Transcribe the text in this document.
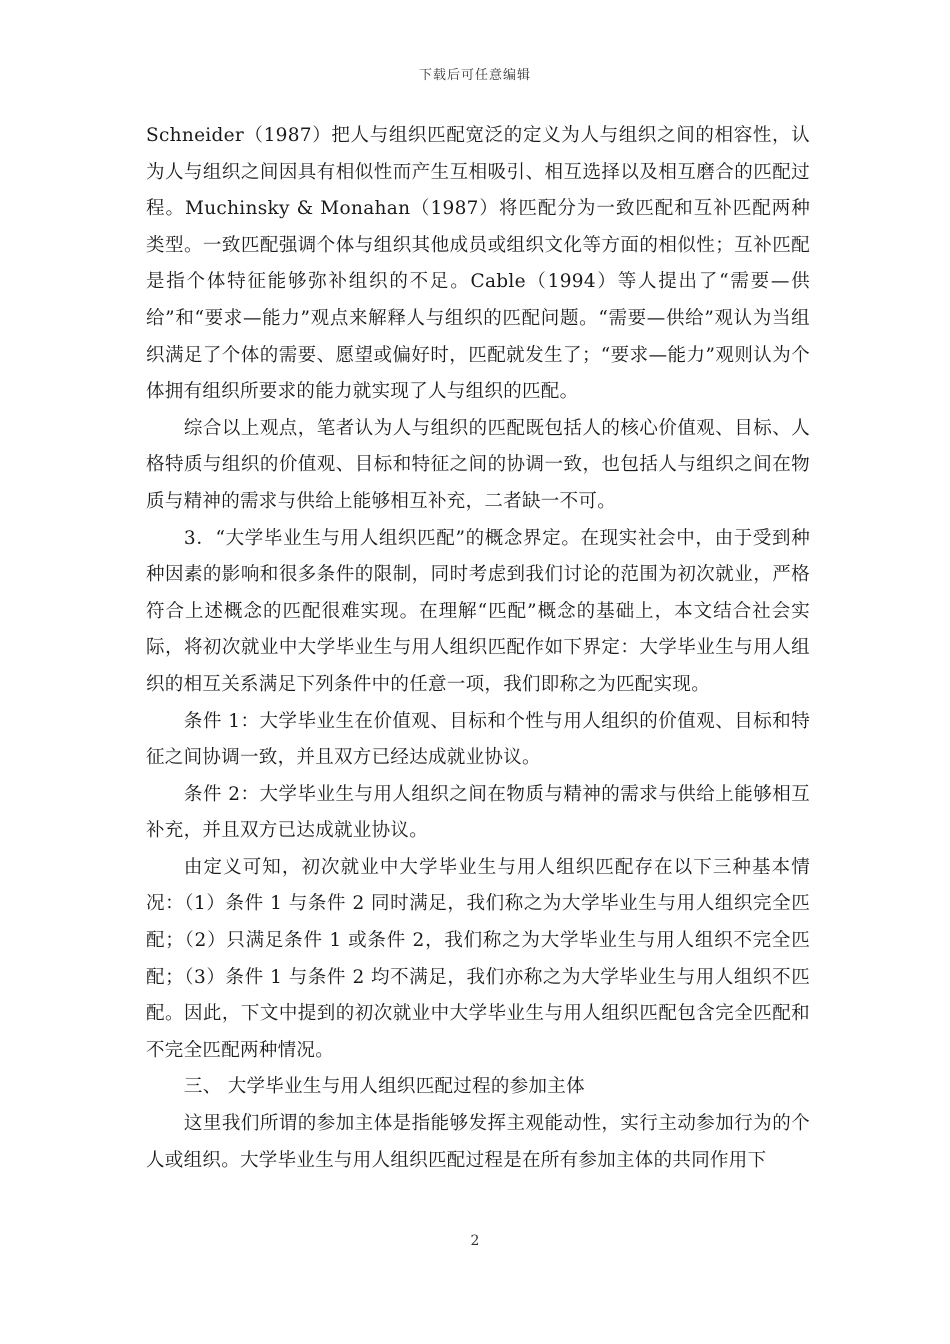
下载后可任意编辑

Schneider（1987）把人与组织匹配宽泛的定义为人与组织之间的相容性，认为人与组织之间因具有相似性而产生互相吸引、相互选择以及相互磨合的匹配过程。Muchinsky & Monahan（1987）将匹配分为一致匹配和互补匹配两种类型。一致匹配强调个体与组织其他成员或组织文化等方面的相似性；互补匹配是指个体特征能够弥补组织的不足。Cable（1994）等人提出了“需要—供给”和“要求—能力”观点来解释人与组织的匹配问题。“需要—供给”观认为当组织满足了个体的需要、愿望或偏好时，匹配就发生了；“要求—能力”观则认为个体拥有组织所要求的能力就实现了人与组织的匹配。

综合以上观点，笔者认为人与组织的匹配既包括人的核心价值观、目标、人格特质与组织的价值观、目标和特征之间的协调一致，也包括人与组织之间在物质与精神的需求与供给上能够相互补充，二者缺一不可。

3．“大学毕业生与用人组织匹配”的概念界定。在现实社会中，由于受到种种因素的影响和很多条件的限制，同时考虑到我们讨论的范围为初次就业，严格符合上述概念的匹配很难实现。在理解“匹配”概念的基础上，本文结合社会实际，将初次就业中大学毕业生与用人组织匹配作如下界定：大学毕业生与用人组织的相互关系满足下列条件中的任意一项，我们即称之为匹配实现。

条件 1：大学毕业生在价值观、目标和个性与用人组织的价值观、目标和特征之间协调一致，并且双方已经达成就业协议。

条件 2：大学毕业生与用人组织之间在物质与精神的需求与供给上能够相互补充，并且双方已达成就业协议。

由定义可知，初次就业中大学毕业生与用人组织匹配存在以下三种基本情况：（1）条件 1 与条件 2 同时满足，我们称之为大学毕业生与用人组织完全匹配；（2）只满足条件 1 或条件 2，我们称之为大学毕业生与用人组织不完全匹配；（3）条件 1 与条件 2 均不满足，我们亦称之为大学毕业生与用人组织不匹配。因此，下文中提到的初次就业中大学毕业生与用人组织匹配包含完全匹配和不完全匹配两种情况。

三、 大学毕业生与用人组织匹配过程的参加主体

这里我们所谓的参加主体是指能够发挥主观能动性，实行主动参加行为的个人或组织。大学毕业生与用人组织匹配过程是在所有参加主体的共同作用下

2
